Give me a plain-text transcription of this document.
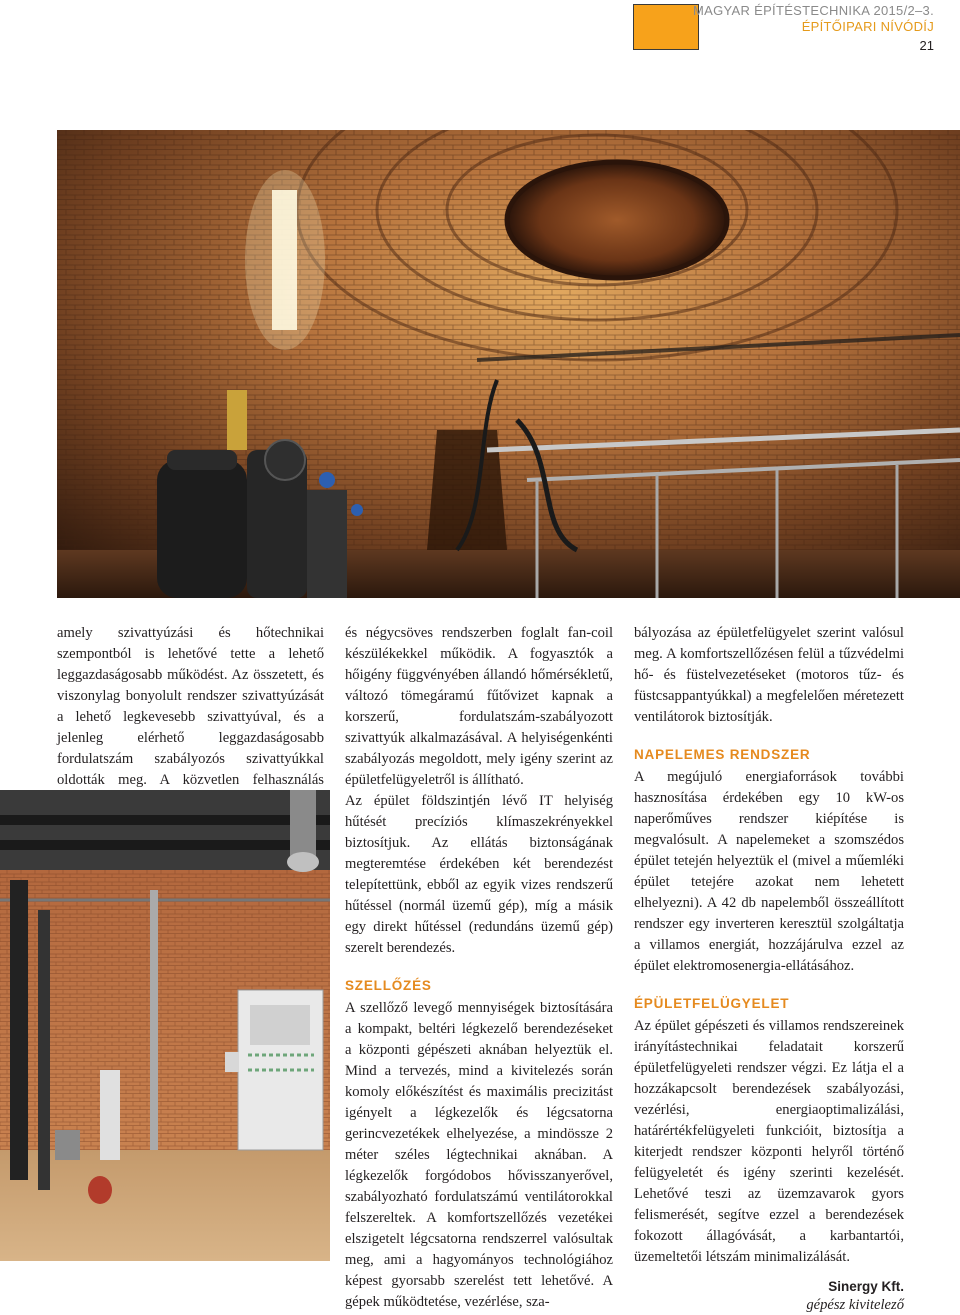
MAGYAR ÉPÍTÉSTECHNIKA 2015/2–3.
ÉPÍTŐIPARI NÍVÓDÍJ
21

amely szivattyúzási és hőtechnikai szempontból is lehetővé tette a lehető leggazdaságosabb működést. Az összetett, és viszonylag bonyolult rendszer szivattyúzását a lehető legkevesebb szivattyúval, és a jelenleg elérhető leggazdaságosabb fordulatszám szabályozós szivattyúkkal oldották meg. A közvetlen felhasználás

és négycsöves rendszerben foglalt fan-coil készülékekkel működik. A fogyasztók a hőigény függvényében állandó hőmérsékletű, változó tömegáramú fűtővizet kapnak a korszerű, fordulatszám-szabályozott szivattyúk alkalmazásával. A helyiségenkénti szabályozás megoldott, mely igény szerint az épületfelügyeletről is állítható.

Az épület földszintjén lévő IT helyiség hűtését precíziós klímaszekrényekkel biztosítjuk. Az ellátás biztonságának megteremtése érdekében két berendezést telepítettünk, ebből az egyik vizes rendszerű hűtéssel (normál üzemű gép), míg a másik egy direkt hűtéssel (redundáns üzemű gép) szerelt berendezés.

SZELLŐZÉS

A szellőző levegő mennyiségek biztosítására a kompakt, beltéri légkezelő berendezéseket a központi gépészeti aknában helyeztük el. Mind a tervezés, mind a kivitelezés során komoly előkészítést és maximális precizitást igényelt a légkezelők és légcsatorna gerincvezetékek elhelyezése, a mindössze 2 méter széles légtechnikai aknában. A légkezelők forgódobos hővisszanyerővel, szabályozható fordulatszámú ventilátorokkal felszereltek. A komfortszellőzés vezetékei elszigetelt légcsatorna rendszerrel valósultak meg, ami a hagyományos technológiához képest gyorsabb szerelést tett lehetővé. A gépek működtetése, vezérlése, sza-

bályozása az épületfelügyelet szerint valósul meg. A komfortszellőzésen felül a tűzvédelmi hő- és füstelvezetéseket (motoros tűz- és füstcsappantyúkkal) a megfelelően méretezett ventilátorok biztosítják.

NAPELEMES RENDSZER

A megújuló energiaforrások további hasznosítása érdekében egy 10 kW-os naperőműves rendszer kiépítése is megvalósult. A napelemeket a szomszédos épület tetején helyeztük el (mivel a műemléki épület tetejére azokat nem lehetett elhelyezni). A 42 db napelemből összeállított rendszer egy inverteren keresztül szolgáltatja a villamos energiát, hozzájárulva ezzel az épület elektromosenergia-ellátásához.

ÉPÜLETFELÜGYELET

Az épület gépészeti és villamos rendszereinek irányítástechnikai feladatait korszerű épületfelügyeleti rendszer végzi. Ez látja el a hozzákapcsolt berendezések szabályozási, vezérlési, energiaoptimalizálási, határértékfelügyeleti funkcióit, biztosítja a kiterjedt rendszer központi helyről történő felügyeletét és igény szerinti kezelését. Lehetővé teszi az üzemzavarok gyors felismerését, segítve ezzel a berendezések fokozott állagóvását, a karbantartói, üzemeltetői létszám minimalizálását.

Sinergy Kft.
gépész kivitelező
